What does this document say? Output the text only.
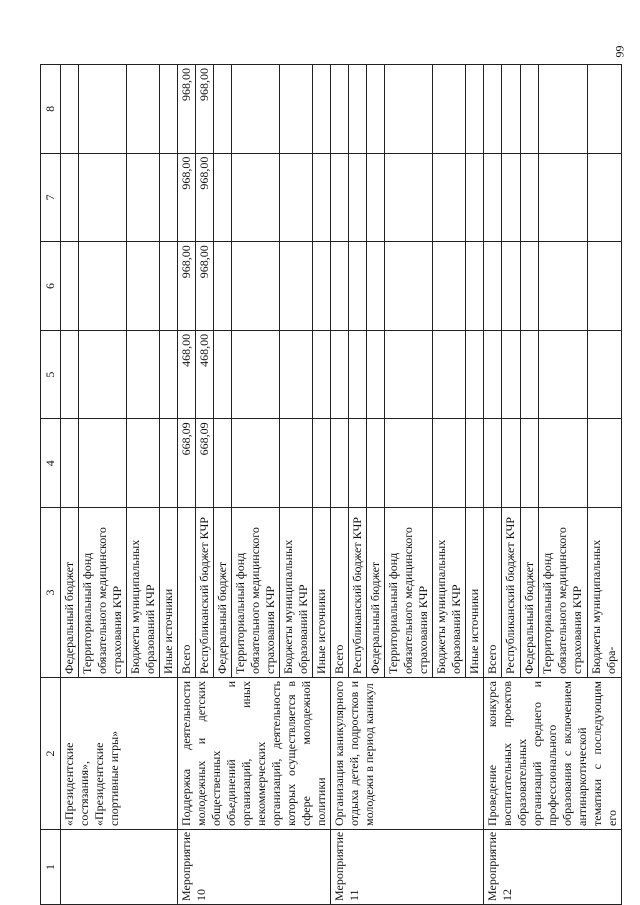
99
1	2	3	4	5	6	7	8
	«Президентские состязания», «Президентские спортивные игры»	Федеральный бюджет					
		Территориальный фонд обязательного медицинского страхования КЧР					
		Бюджеты муниципальных образований КЧР					
		Иные источники					
Мероприятие 10	Поддержка деятельности молодежных и детских общественных объединений и организаций, иных некоммерческих организаций, деятельность которых осуществляется в сфере молодежной политики	Всего	668,09	468,00	968,00	968,00	968,00
		Республиканский бюджет КЧР	668,09	468,00	968,00	968,00	968,00
		Федеральный бюджет					
		Территориальный фонд обязательного медицинского страхования КЧР					
		Бюджеты муниципальных образований КЧР					
		Иные источники					
Мероприятие 11	Организация каникулярного отдыха детей, подростков и молодежи в период каникул	Всего					
		Республиканский бюджет КЧР					
		Федеральный бюджет					
		Территориальный фонд обязательного медицинского страхования КЧР					
		Бюджеты муниципальных образований КЧР					
		Иные источники					
Мероприятие 12	Проведение конкурса воспитательных проектов образовательных организаций среднего и профессионального образования с включением антинаркотической тематики с последующим его	Всего					
		Республиканский бюджет КЧР					
		Федеральный бюджет					
		Территориальный фонд обязательного медицинского страхования КЧР					
		Бюджеты муниципальных обра-					
